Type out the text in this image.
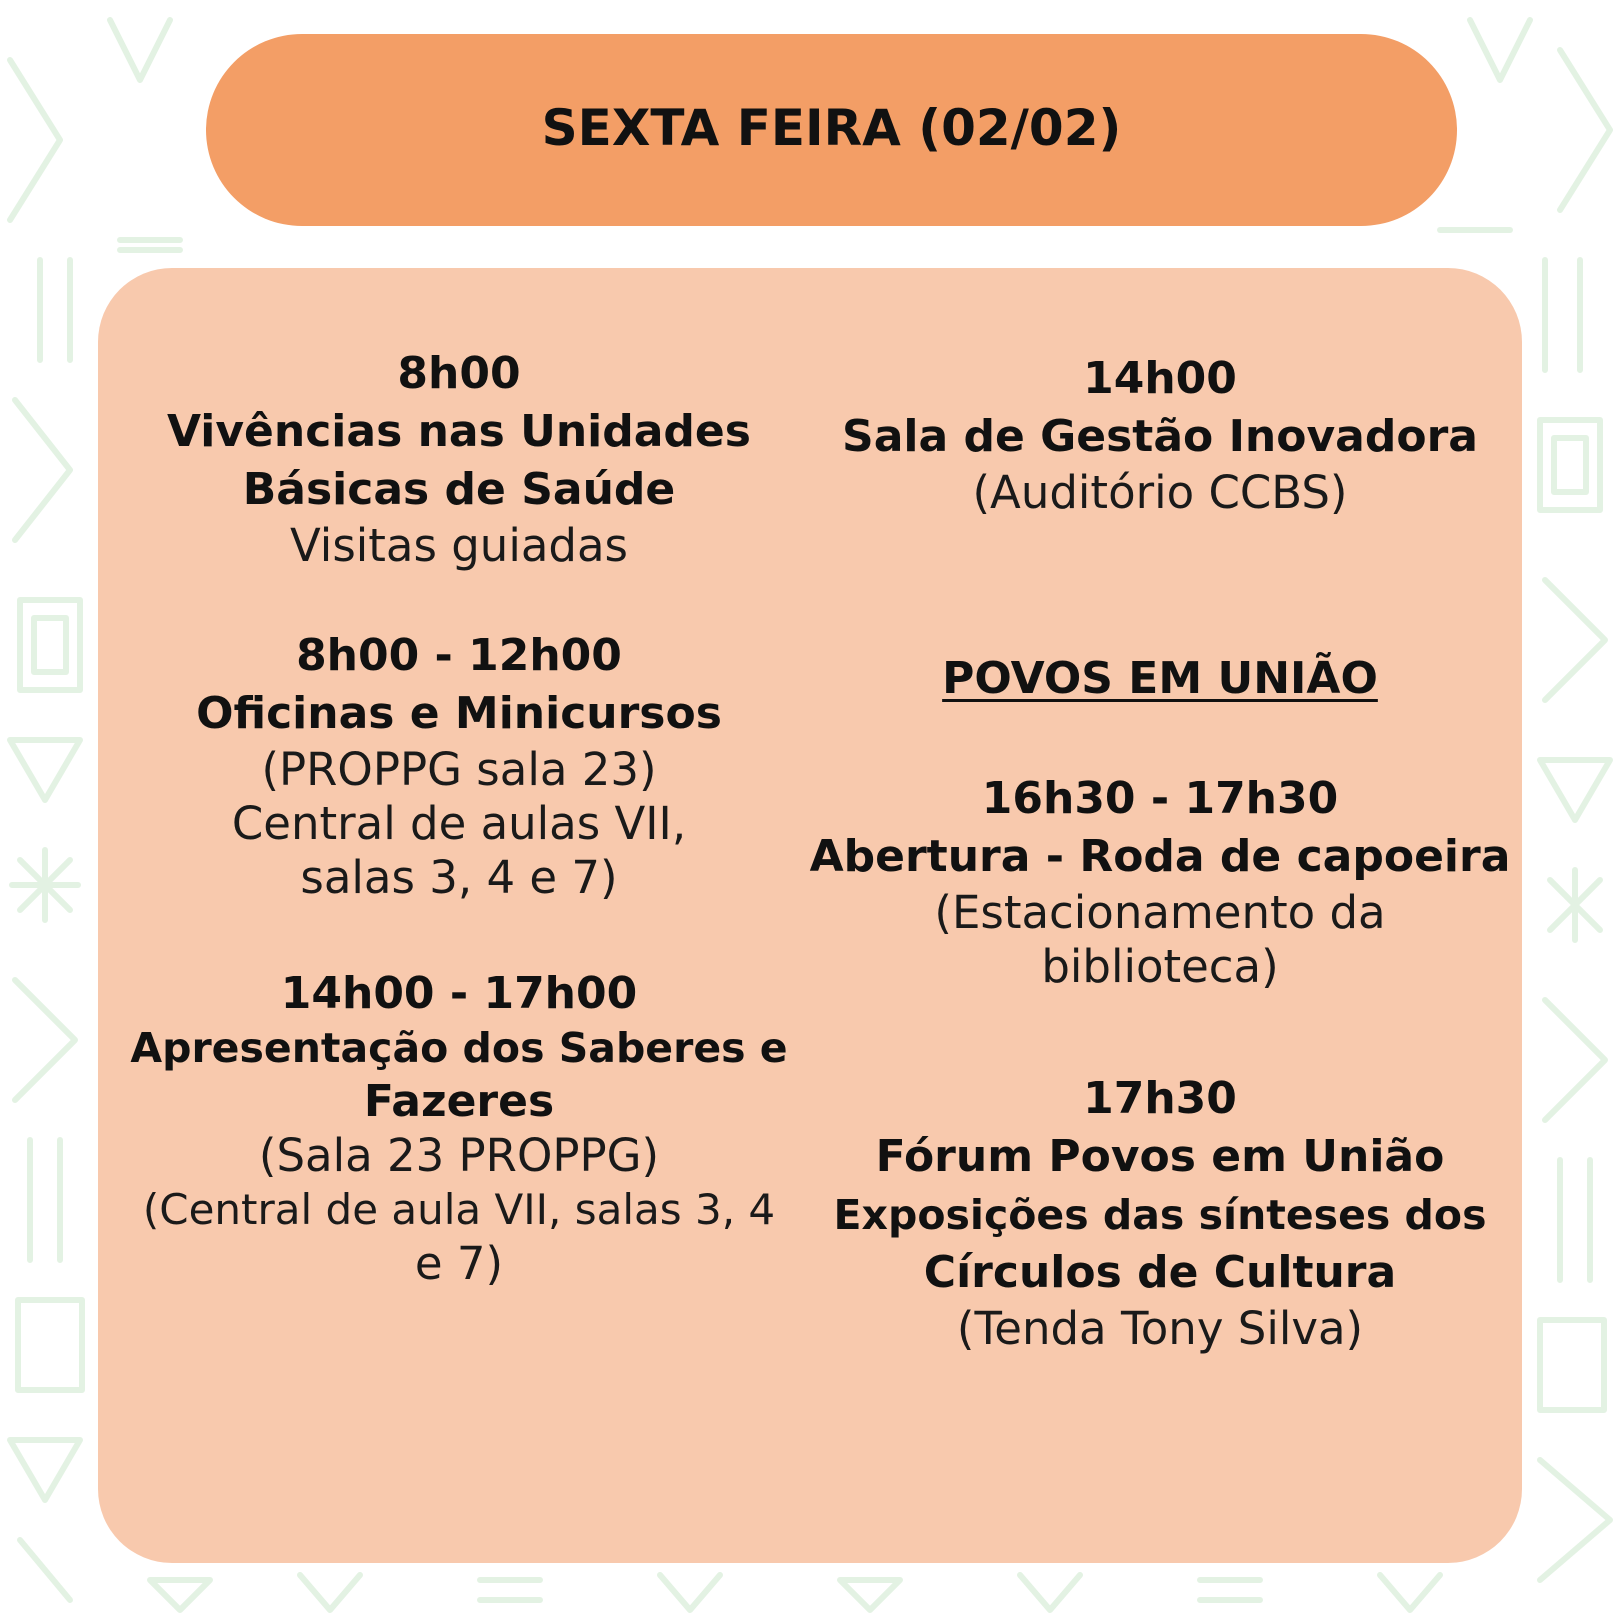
SEXTA FEIRA (02/02)
8h00
Vivências nas Unidades
Básicas de Saúde
Visitas guiadas
8h00 - 12h00
Oficinas e Minicursos
(PROPPG sala 23)
Central de aulas VII,
salas 3, 4 e 7)
14h00 - 17h00
Apresentação dos Saberes e
Fazeres
(Sala 23 PROPPG)
(Central de aula VII, salas 3, 4
e 7)
14h00
Sala de Gestão Inovadora
(Auditório CCBS)
POVOS EM UNIÃO
16h30 - 17h30
Abertura - Roda de capoeira
(Estacionamento da
biblioteca)
17h30
Fórum Povos em União
Exposições das sínteses dos
Círculos de Cultura
(Tenda Tony Silva)
